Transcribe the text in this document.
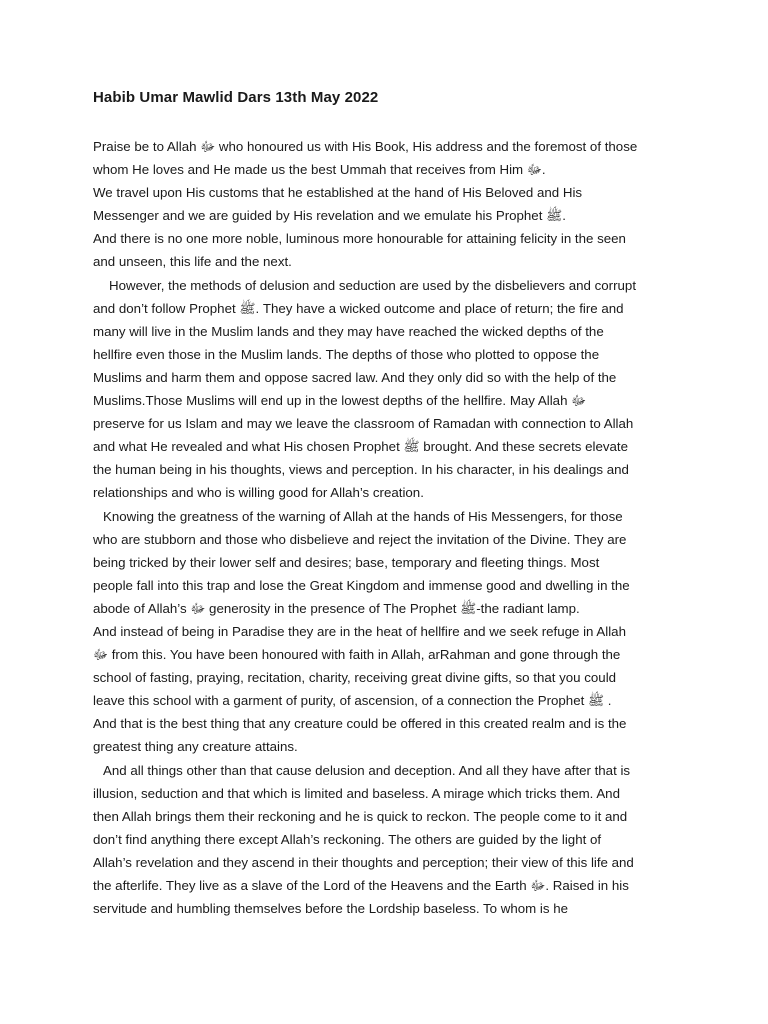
Habib Umar Mawlid Dars 13th May 2022
Praise be to Allah ﷻ who honoured us with His Book, His address and the foremost of those
whom He loves and He made us the best Ummah that receives from Him ﷻ.
We travel upon His customs that he established at the hand of His Beloved and His
Messenger and we are guided by His revelation and we emulate his Prophet ﷺ.
And there is no one more noble, luminous more honourable for attaining felicity in the seen
and unseen, this life and the next.
However, the methods of delusion and seduction are used by the disbelievers and corrupt
and don’t follow Prophet ﷺ. They have a wicked outcome and place of return; the fire and
many will live in the Muslim lands and they may have reached the wicked depths of the
hellfire even those in the Muslim lands. The depths of those who plotted to oppose the
Muslims and harm them and oppose sacred law. And they only did so with the help of the
Muslims.Those Muslims will end up in the lowest depths of the hellfire. May Allah ﷻ
preserve for us Islam and may we leave the classroom of Ramadan with connection to Allah
and what He revealed and what His chosen Prophet ﷺ brought. And these secrets elevate
the human being in his thoughts, views and perception. In his character, in his dealings and
relationships and who is willing good for Allah’s creation.
Knowing the greatness of the warning of Allah at the hands of His Messengers, for those
who are stubborn and those who disbelieve and reject the invitation of the Divine. They are
being tricked by their lower self and desires; base, temporary and fleeting things. Most
people fall into this trap and lose the Great Kingdom and immense good and dwelling in the
abode of Allah’s ﷻ generosity in the presence of The Prophet ﷺ-the radiant lamp.
And instead of being in Paradise they are in the heat of hellfire and we seek refuge in Allah
ﷻ from this. You have been honoured with faith in Allah, arRahman and gone through the
school of fasting, praying, recitation, charity, receiving great divine gifts, so that you could
leave this school with a garment of purity, of ascension, of a connection the Prophet ﷺ .
And that is the best thing that any creature could be offered in this created realm and is the
greatest thing any creature attains.
And all things other than that cause delusion and deception. And all they have after that is
illusion, seduction and that which is limited and baseless. A mirage which tricks them. And
then Allah brings them their reckoning and he is quick to reckon. The people come to it and
don’t find anything there except Allah’s reckoning. The others are guided by the light of
Allah’s revelation and they ascend in their thoughts and perception; their view of this life and
the afterlife. They live as a slave of the Lord of the Heavens and the Earth ﷻ. Raised in his
servitude and humbling themselves before the Lordship baseless. To whom is he
